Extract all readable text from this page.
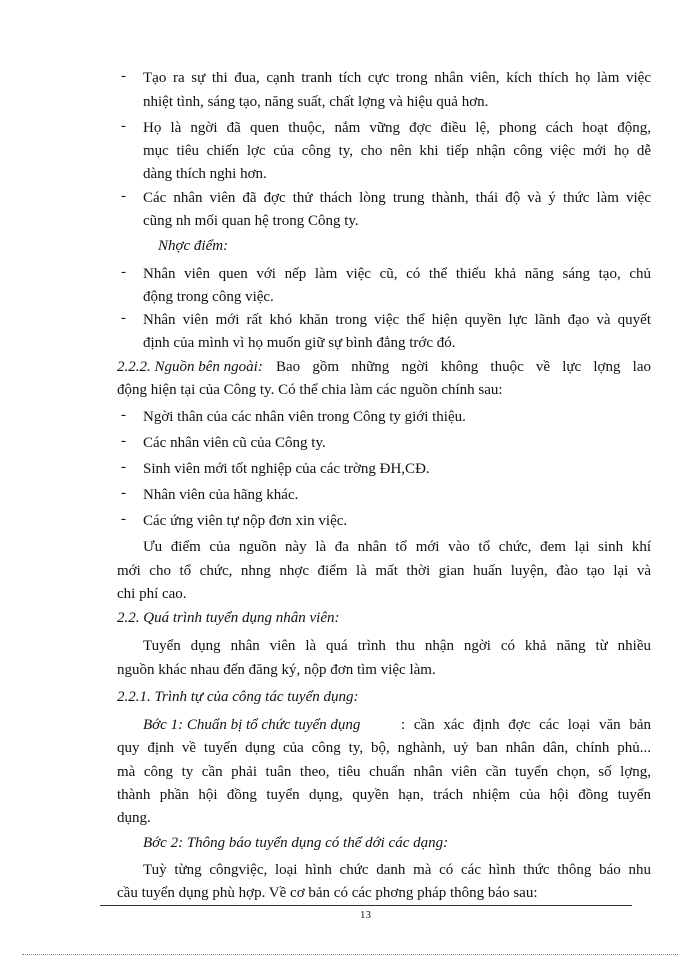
-
-
-
-
-
-
-
-
-
-
Tạo ra sự thi đua, cạnh tranh tích cực trong nhân viên, kích thích họ làm việc
nhiệt tình, sáng tạo, năng suất, chất lợng và hiệu quả hơn.
Họ là ngời đã quen thuộc, nắm vững đợc điều lệ, phong cách hoạt động,
mục tiêu chiến lợc của công ty, cho nên khi tiếp nhận công việc mới họ dễ
dàng thích nghi hơn.
Các nhân viên đã đợc thử thách lòng trung thành, thái độ và ý thức làm việc
cũng nh mối quan hệ trong Công ty.
Nhợc điểm:
Nhân viên quen với nếp làm việc cũ, có thể thiếu khả năng sáng tạo, chủ
động trong công việc.
Nhân viên mới rất khó khăn trong việc thể hiện quyền lực lãnh đạo và quyết
định của mình vì họ muốn giữ sự bình đẳng trớc đó.
2.2.2. Nguồn bên ngoài: Bao gồm những ngời không thuộc về lực lợng lao
động hiện tại của Công ty. Có thể chia làm các nguồn chính sau:
Ngời thân của các nhân viên trong Công ty giới thiệu.
Các nhân viên cũ của Công ty.
Sinh viên mới tốt nghiệp của các trờng ĐH,CĐ.
Nhân viên của hãng khác.
Các ứng viên tự nộp đơn xin việc.
Ưu điểm của nguồn này là đa nhân tố mới vào tổ chức, đem lại sinh khí
mới cho tổ chức, nhng nhợc điểm là mất thời gian huấn luyện, đào tạo lại và
chi phí cao.
2.2. Quá trình tuyển dụng nhân viên:
Tuyển dụng nhân viên là quá trình thu nhận ngời có khả năng từ nhiều
nguồn khác nhau đến đăng ký, nộp đơn tìm việc làm.
2.2.1. Trình tự của công tác tuyển dụng:
Bớc 1: Chuẩn bị tổ chức tuyển dụng	: cần xác định đợc các loại văn bản
quy định về tuyển dụng của công ty, bộ, nghành, uỷ ban nhân dân, chính phủ...
mà công ty cần phải tuân theo, tiêu chuẩn nhân viên cần tuyển chọn, số lợng,
thành phần hội đồng tuyển dụng, quyền hạn, trách nhiệm của hội đồng tuyển
dụng.
Bớc 2: Thông báo tuyển dụng có thể dới các dạng:
Tuỳ từng côngviệc, loại hình chức danh mà có các hình thức thông báo nhu
cầu tuyển dụng phù hợp. Về cơ bản có các phơng pháp thông báo sau:
13
